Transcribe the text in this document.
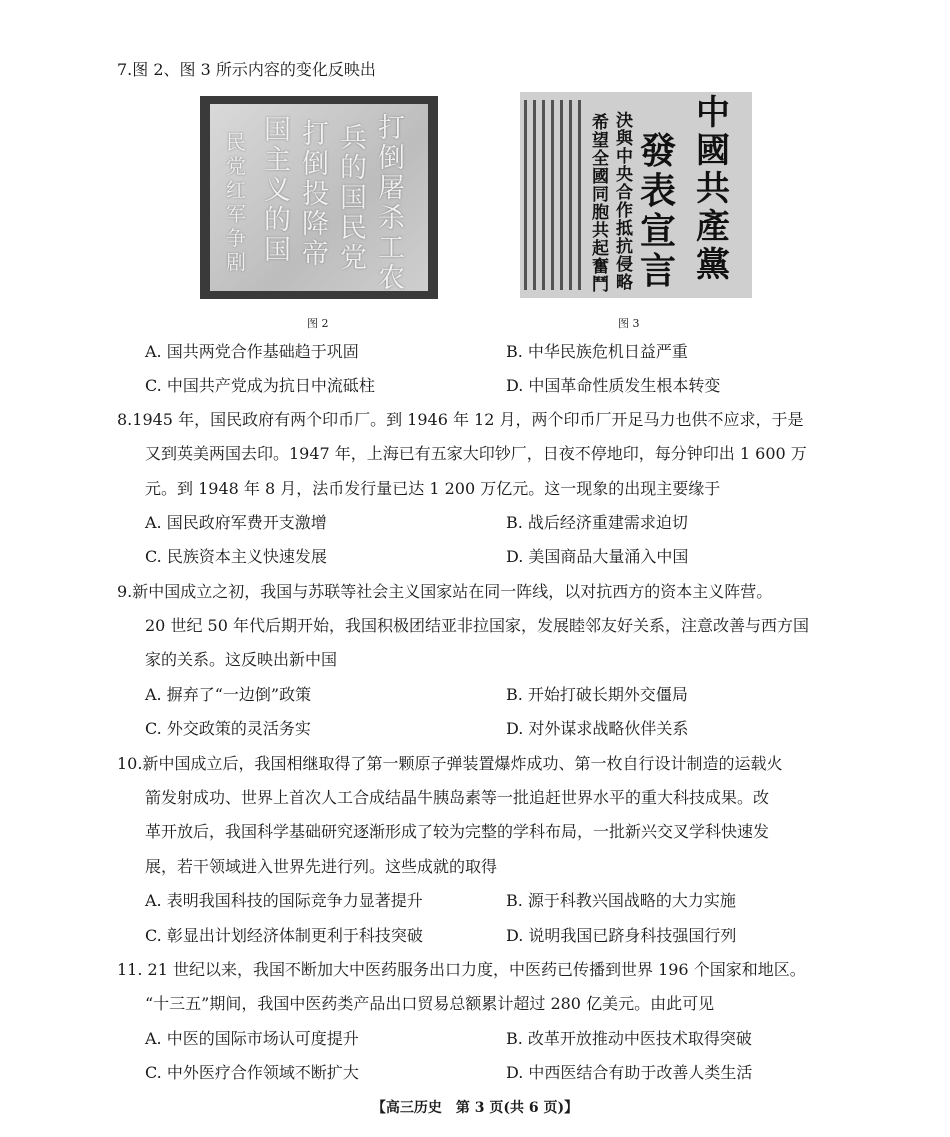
7.图 2、图 3 所示内容的变化反映出
打倒屠杀工农
兵的国民党
打倒投降帝
国主义的国
民党红军争剧
图 2
中國共產黨
發表宣言
決與中央合作抵抗侵略
希望全國同胞共起奮鬥
图 3
A. 国共两党合作基础趋于巩固	B. 中华民族危机日益严重
C. 中国共产党成为抗日中流砥柱	D. 中国革命性质发生根本转变
8.1945 年，国民政府有两个印币厂。到 1946 年 12 月，两个印币厂开足马力也供不应求，于是
又到英美两国去印。1947 年，上海已有五家大印钞厂，日夜不停地印，每分钟印出 1 600 万
元。到 1948 年 8 月，法币发行量已达 1 200 万亿元。这一现象的出现主要缘于
A. 国民政府军费开支激增	B. 战后经济重建需求迫切
C. 民族资本主义快速发展	D. 美国商品大量涌入中国
9.新中国成立之初，我国与苏联等社会主义国家站在同一阵线，以对抗西方的资本主义阵营。
20 世纪 50 年代后期开始，我国积极团结亚非拉国家，发展睦邻友好关系，注意改善与西方国
家的关系。这反映出新中国
A. 摒弃了“一边倒”政策	B. 开始打破长期外交僵局
C. 外交政策的灵活务实	D. 对外谋求战略伙伴关系
10.新中国成立后，我国相继取得了第一颗原子弹装置爆炸成功、第一枚自行设计制造的运载火
箭发射成功、世界上首次人工合成结晶牛胰岛素等一批追赶世界水平的重大科技成果。改
革开放后，我国科学基础研究逐渐形成了较为完整的学科布局，一批新兴交叉学科快速发
展，若干领域进入世界先进行列。这些成就的取得
A. 表明我国科技的国际竞争力显著提升	B. 源于科教兴国战略的大力实施
C. 彰显出计划经济体制更利于科技突破	D. 说明我国已跻身科技强国行列
11. 21 世纪以来，我国不断加大中医药服务出口力度，中医药已传播到世界 196 个国家和地区。
“十三五”期间，我国中医药类产品出口贸易总额累计超过 280 亿美元。由此可见
A. 中医的国际市场认可度提升	B. 改革开放推动中医技术取得突破
C. 中外医疗合作领域不断扩大	D. 中西医结合有助于改善人类生活
【高三历史　第 3 页(共 6 页)】
